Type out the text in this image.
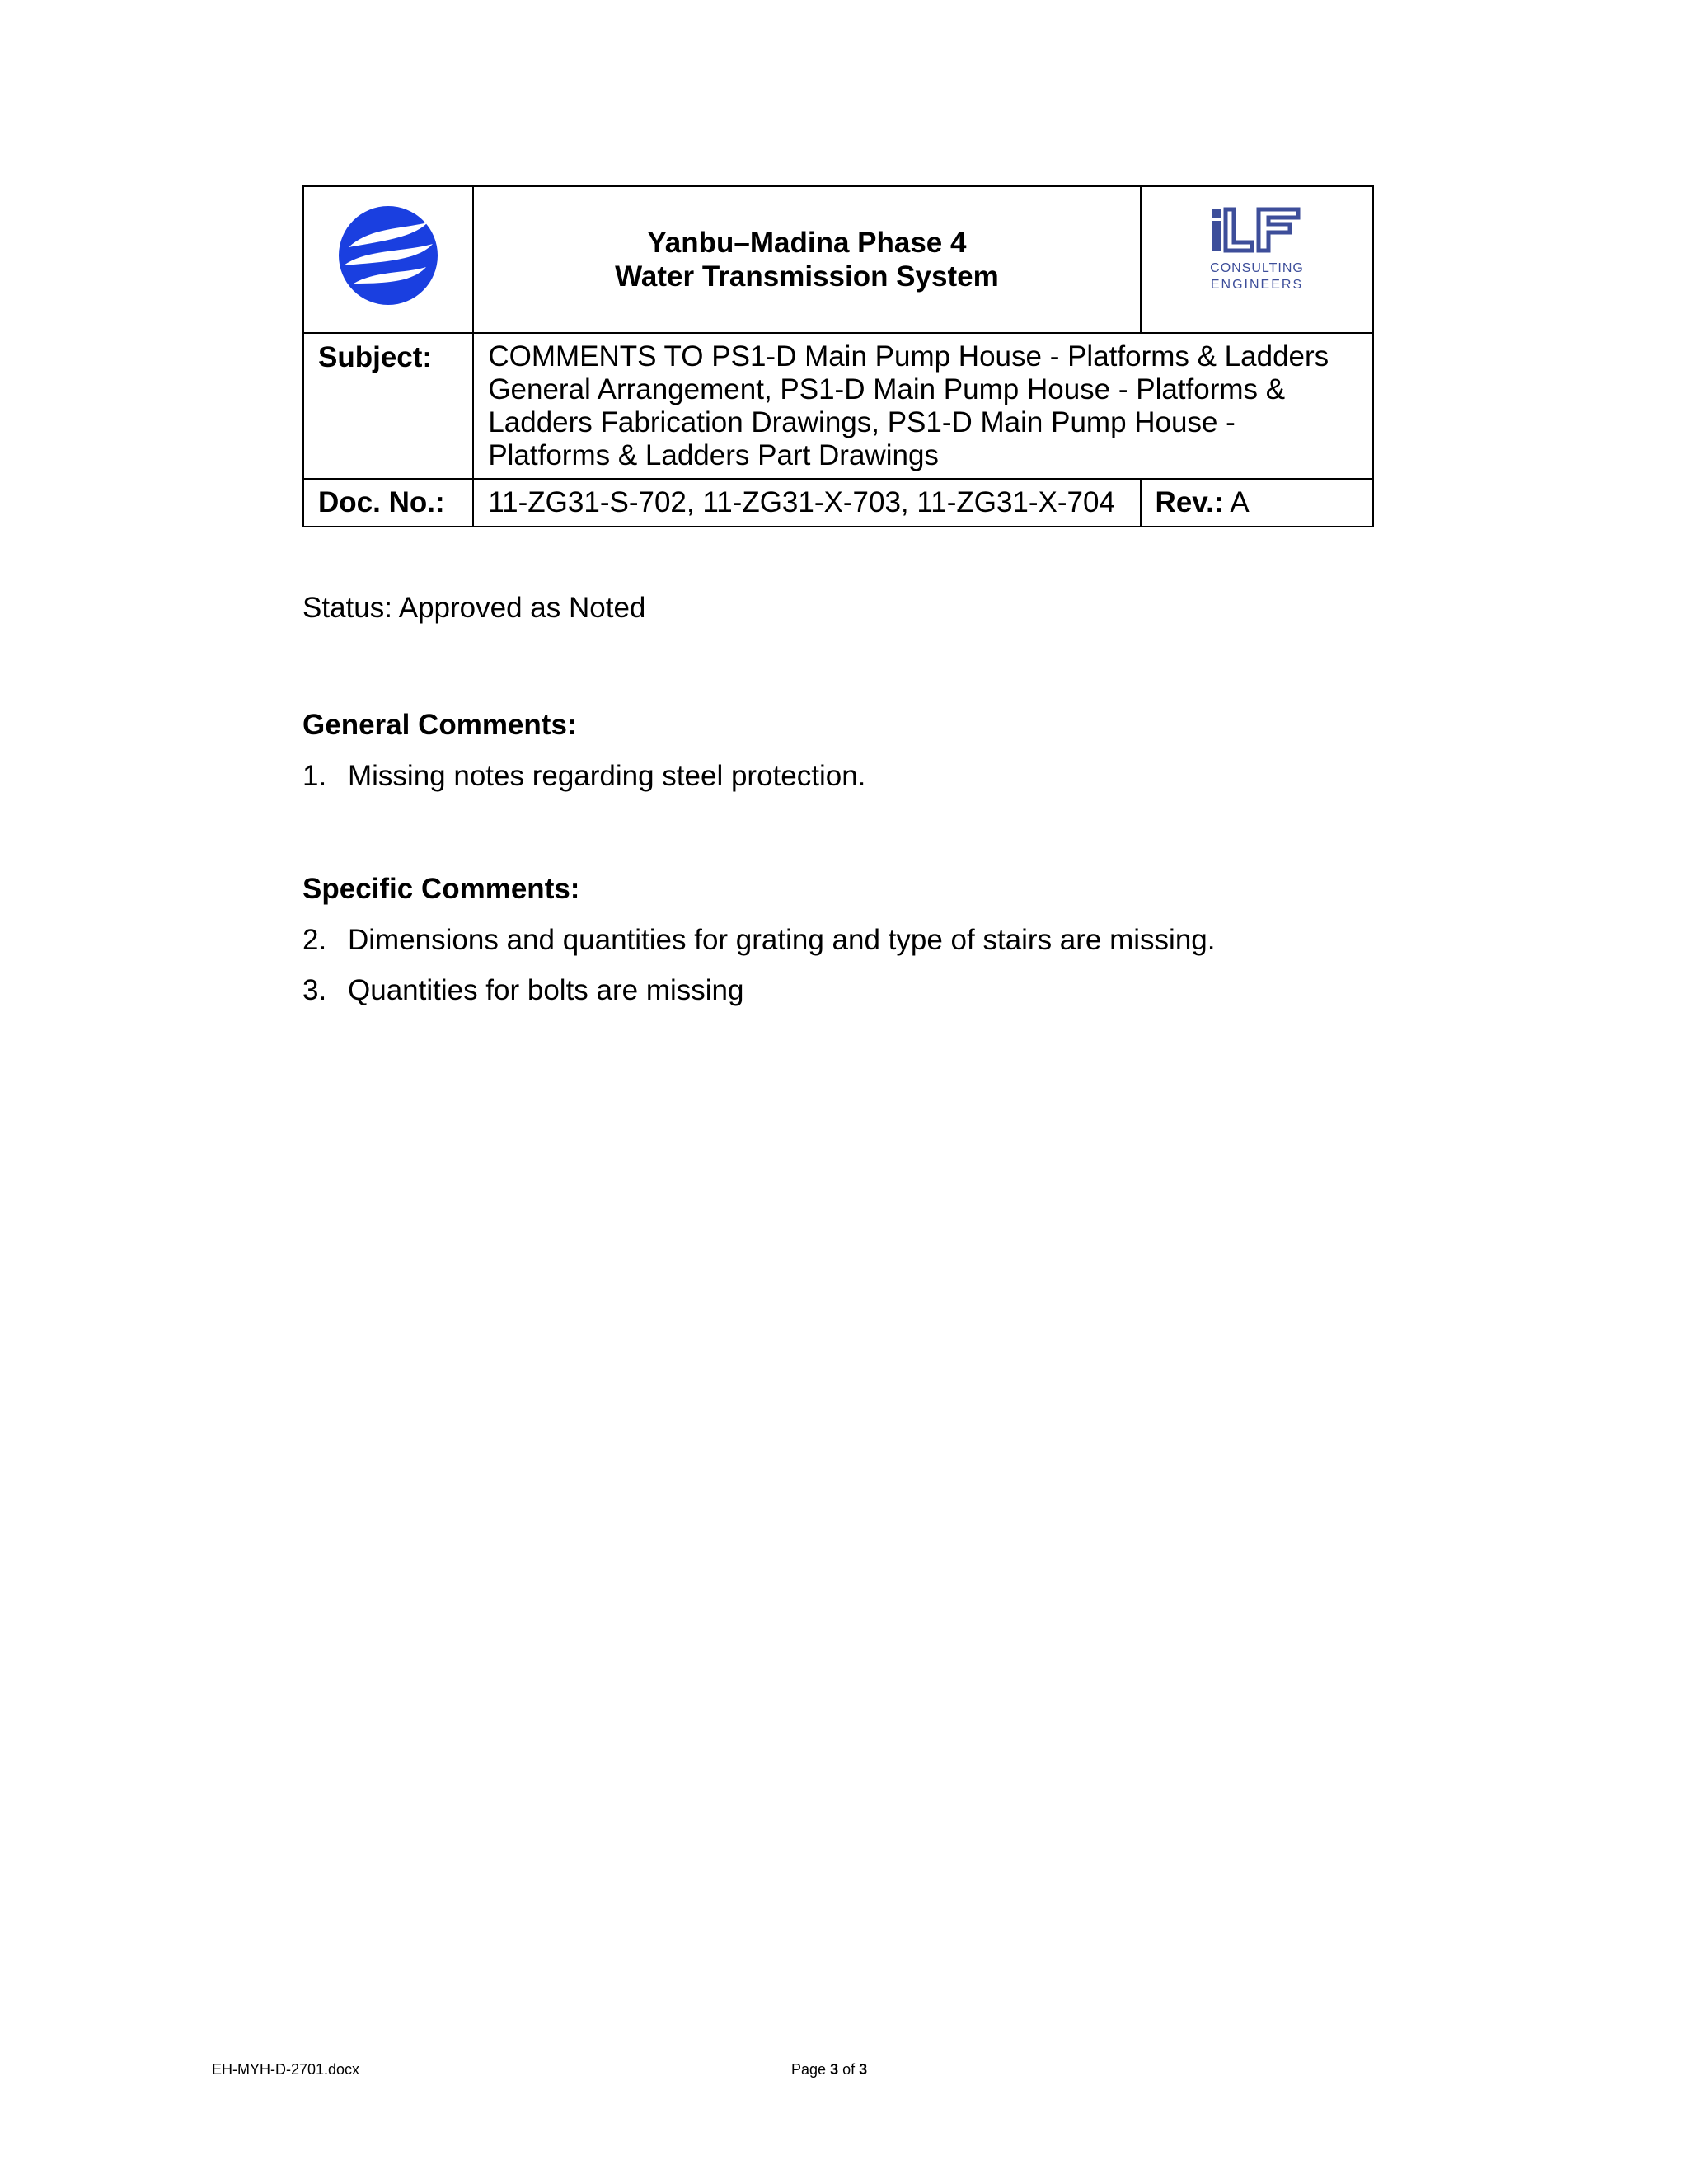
Yanbu–Madina Phase 4
Water Transmission System	CONSULTING
ENGINEERS

Subject:	COMMENTS TO PS1-D Main Pump House - Platforms & Ladders General Arrangement, PS1-D Main Pump House - Platforms & Ladders Fabrication Drawings, PS1-D Main Pump House - Platforms & Ladders Part Drawings	
Doc. No.:	11-ZG31-S-702, 11-ZG31-X-703, 11-ZG31-X-704	Rev.: A
Status: Approved as Noted
General Comments:
1. Missing notes regarding steel protection.
Specific Comments:
2. Dimensions and quantities for grating and type of stairs are missing.
3. Quantities for bolts are missing
EH-MYH-D-2701.docx	Page 3 of 3
